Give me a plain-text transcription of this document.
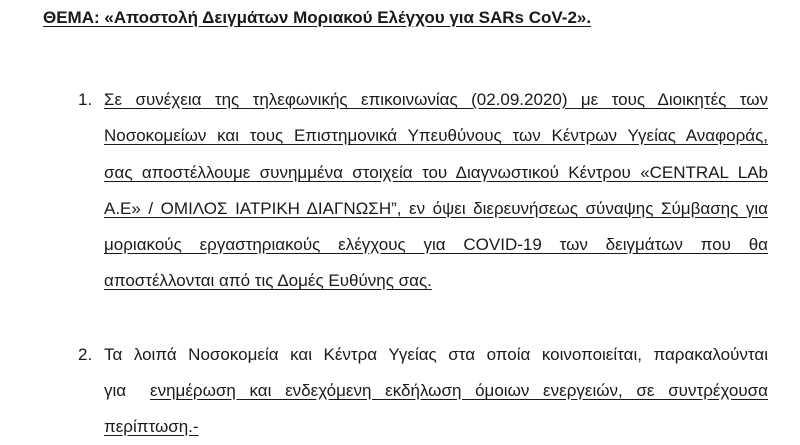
ΘΕΜΑ: «Αποστολή Δειγμάτων Μοριακού Ελέγχου για SARs CoV-2».
1. Σε συνέχεια της τηλεφωνικής επικοινωνίας (02.09.2020) με τους Διοικητές των
Νοσοκομείων και τους Επιστημονικά Υπευθύνους των Κέντρων Υγείας Αναφοράς,
σας αποστέλλουμε συνημμένα στοιχεία του Διαγνωστικού Κέντρου «CENTRAL LAb
Α.Ε» / ΟΜΙΛΟΣ ΙΑΤΡΙΚΗ ΔΙΑΓΝΩΣΗ”, εν όψει διερευνήσεως σύναψης Σύμβασης για
μοριακούς εργαστηριακούς ελέγχους για COVID-19 των δειγμάτων που θα
αποστέλλονται από τις Δομές Ευθύνης σας.
2. Τα λοιπά Νοσοκομεία και Κέντρα Υγείας στα οποία κοινοποιείται, παρακαλούνται
για ενημέρωση και ενδεχόμενη εκδήλωση όμοιων ενεργειών, σε συντρέχουσα
περίπτωση.-
